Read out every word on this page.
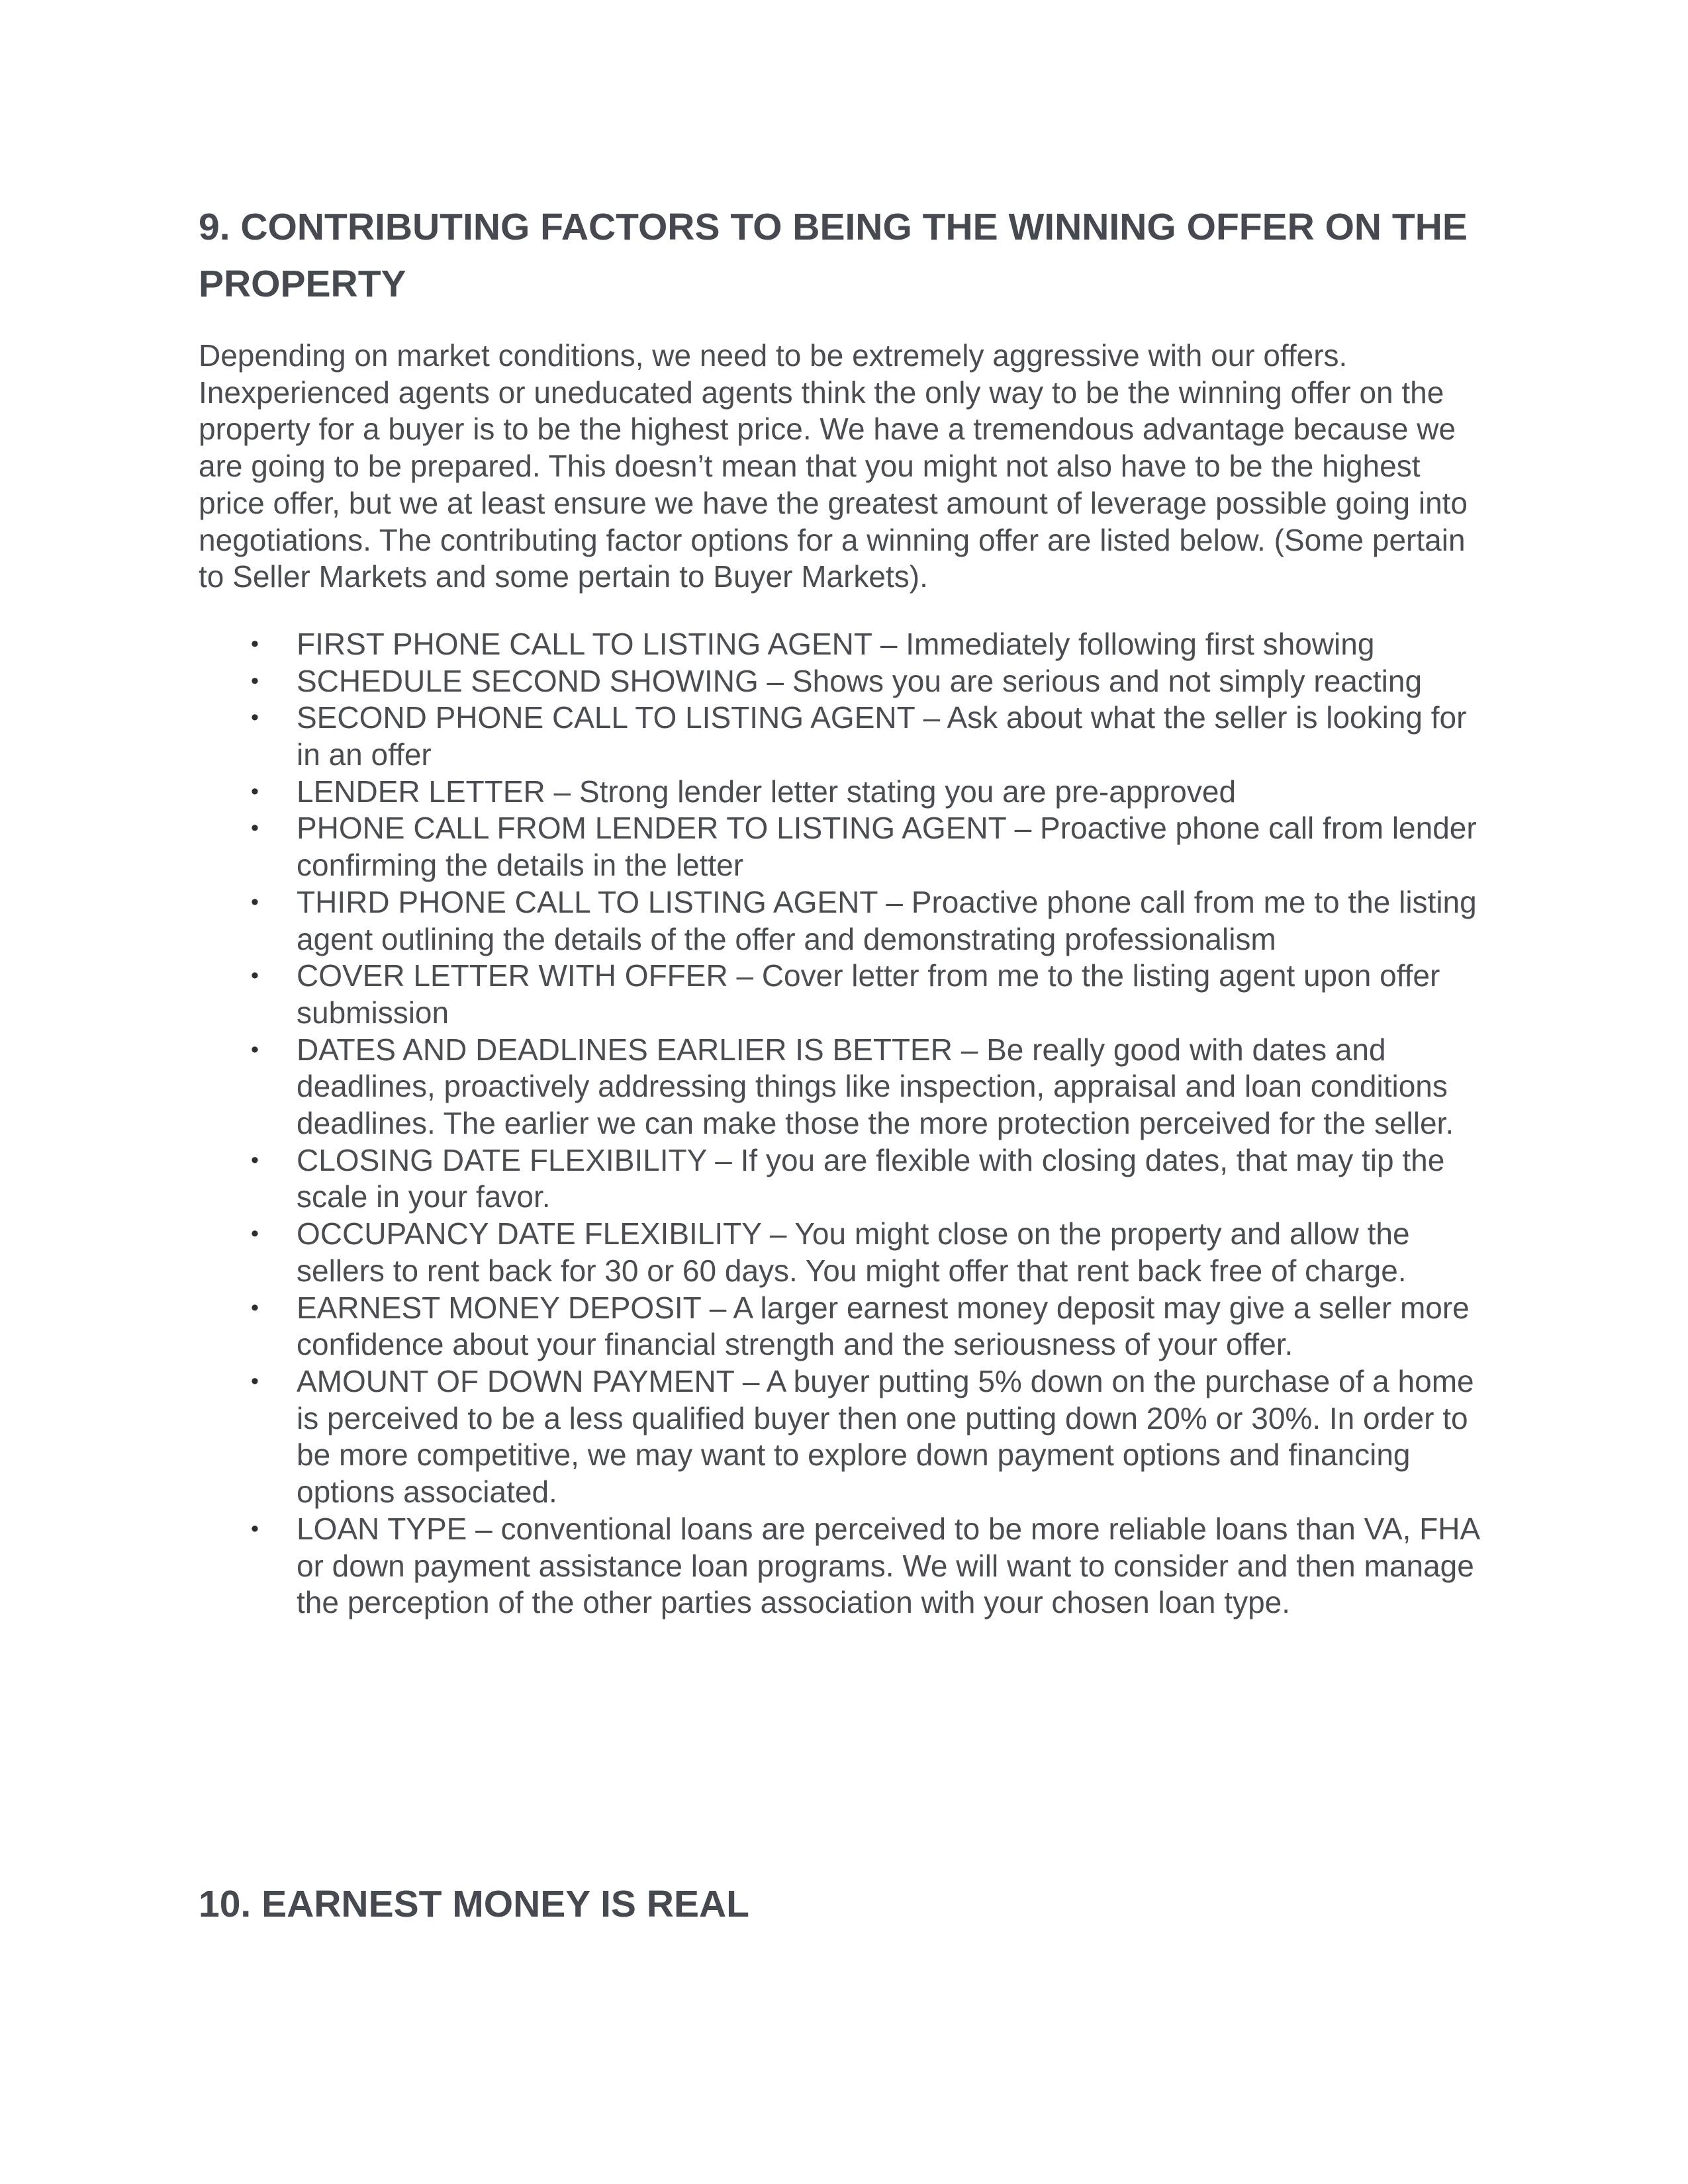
9. CONTRIBUTING FACTORS TO BEING THE WINNING OFFER ON THE PROPERTY

Depending on market conditions, we need to be extremely aggressive with our offers. Inexperienced agents or uneducated agents think the only way to be the winning offer on the property for a buyer is to be the highest price. We have a tremendous advantage because we are going to be prepared. This doesn’t mean that you might not also have to be the highest price offer, but we at least ensure we have the greatest amount of leverage possible going into negotiations. The contributing factor options for a winning offer are listed below. (Some pertain to Seller Markets and some pertain to Buyer Markets).

• FIRST PHONE CALL TO LISTING AGENT – Immediately following first showing
• SCHEDULE SECOND SHOWING – Shows you are serious and not simply reacting
• SECOND PHONE CALL TO LISTING AGENT – Ask about what the seller is looking for in an offer
• LENDER LETTER – Strong lender letter stating you are pre-approved
• PHONE CALL FROM LENDER TO LISTING AGENT – Proactive phone call from lender confirming the details in the letter
• THIRD PHONE CALL TO LISTING AGENT – Proactive phone call from me to the listing agent outlining the details of the offer and demonstrating professionalism
• COVER LETTER WITH OFFER – Cover letter from me to the listing agent upon offer submission
• DATES AND DEADLINES EARLIER IS BETTER – Be really good with dates and deadlines, proactively addressing things like inspection, appraisal and loan conditions deadlines. The earlier we can make those the more protection perceived for the seller.
• CLOSING DATE FLEXIBILITY – If you are flexible with closing dates, that may tip the scale in your favor.
• OCCUPANCY DATE FLEXIBILITY – You might close on the property and allow the sellers to rent back for 30 or 60 days. You might offer that rent back free of charge.
• EARNEST MONEY DEPOSIT – A larger earnest money deposit may give a seller more confidence about your financial strength and the seriousness of your offer.
• AMOUNT OF DOWN PAYMENT – A buyer putting 5% down on the purchase of a home is perceived to be a less qualified buyer then one putting down 20% or 30%. In order to be more competitive, we may want to explore down payment options and financing options associated.
• LOAN TYPE – conventional loans are perceived to be more reliable loans than VA, FHA or down payment assistance loan programs. We will want to consider and then manage the perception of the other parties association with your chosen loan type.
10. EARNEST MONEY IS REAL
